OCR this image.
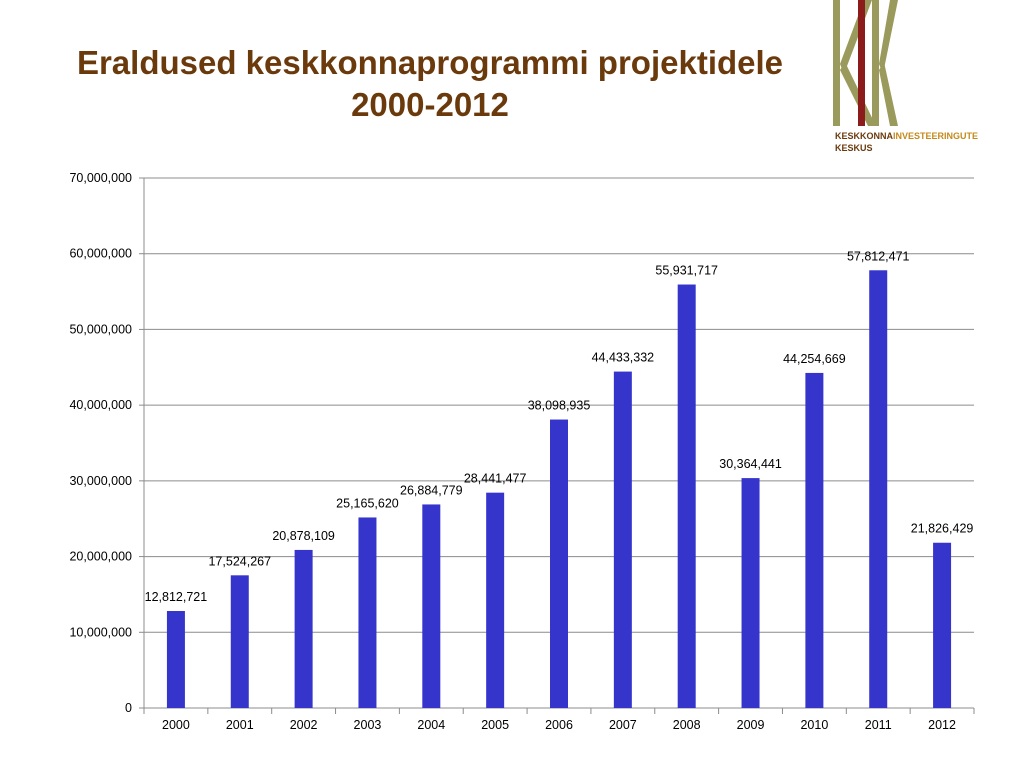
Eraldused keskkonnaprogrammi projektidele
2000-2012
KESKKONNAINVESTEERINGUTE
KESKUS
0
10,000,000
20,000,000
30,000,000
40,000,000
50,000,000
60,000,000
70,000,000
12,812,721
2000
17,524,267
2001
20,878,109
2002
25,165,620
2003
26,884,779
2004
28,441,477
2005
38,098,935
2006
44,433,332
2007
55,931,717
2008
30,364,441
2009
44,254,669
2010
57,812,471
2011
21,826,429
2012
